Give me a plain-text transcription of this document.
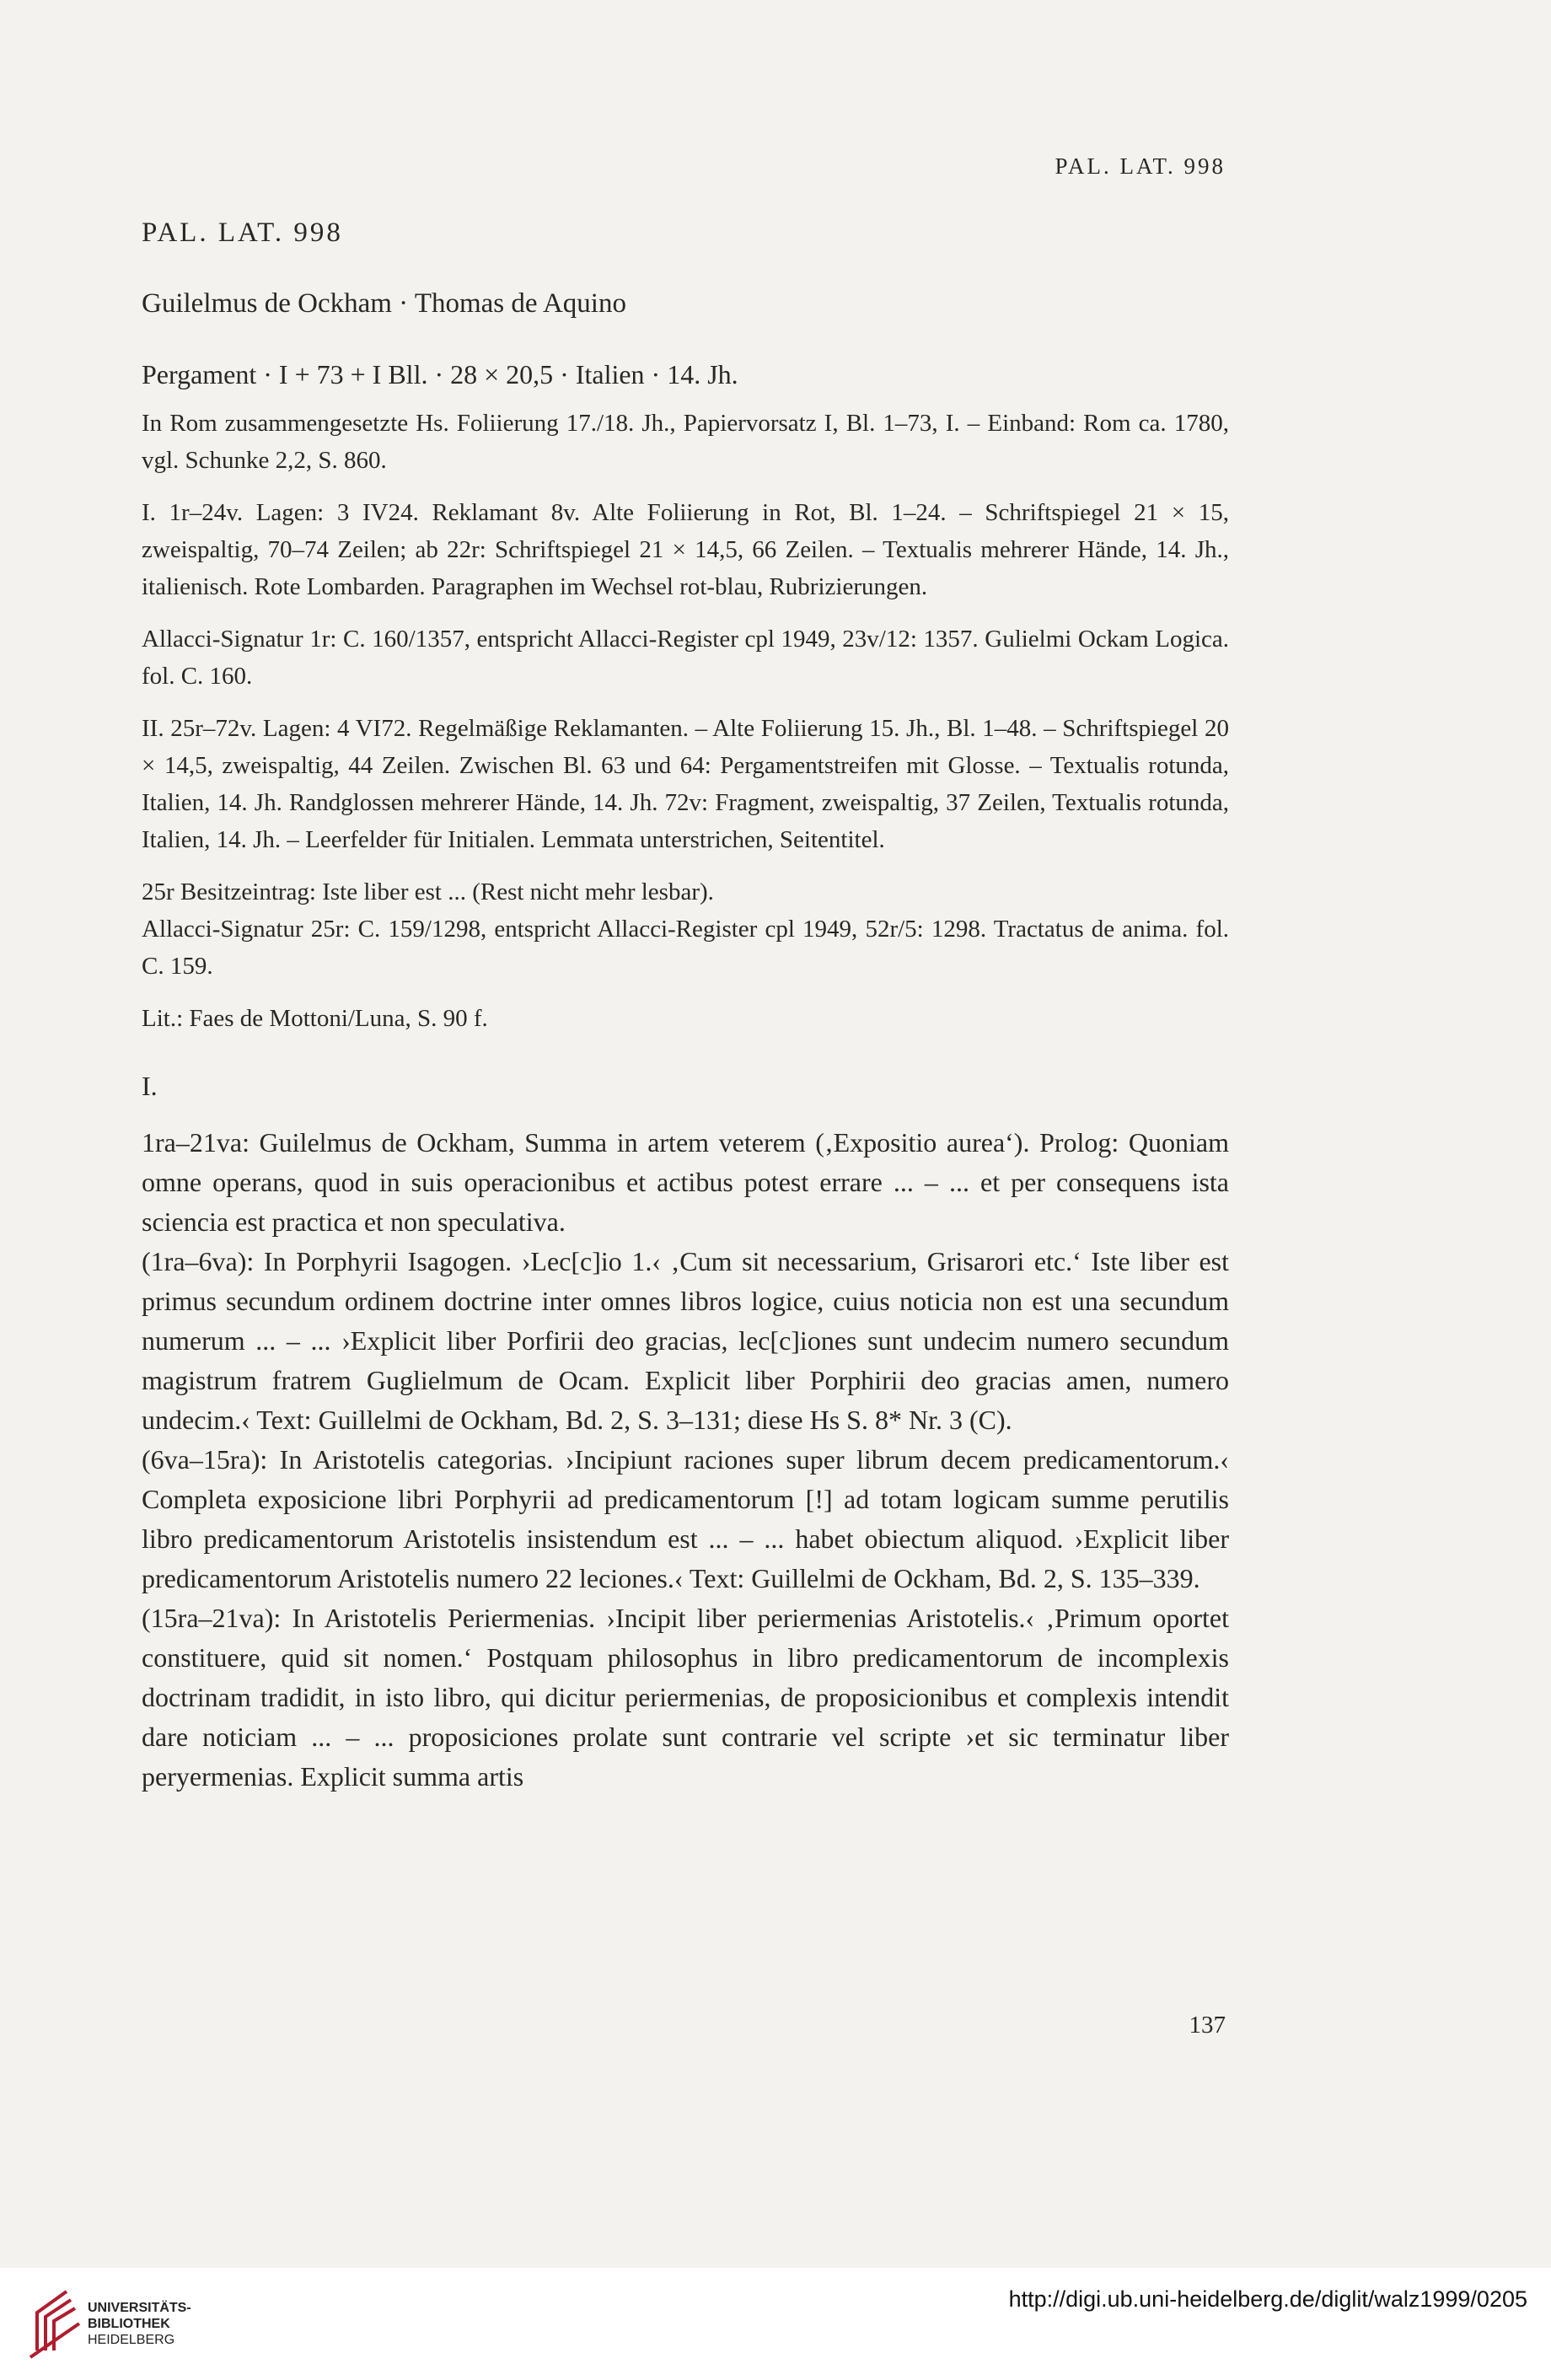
PAL. LAT. 998
PAL. LAT. 998
Guilelmus de Ockham · Thomas de Aquino
Pergament · I + 73 + I Bll. · 28 × 20,5 · Italien · 14. Jh.

In Rom zusammengesetzte Hs. Foliierung 17./18. Jh., Papiervorsatz I, Bl. 1–73, I. – Einband: Rom ca. 1780, vgl. Schunke 2,2, S. 860.

I. 1r–24v. Lagen: 3 IV24. Reklamant 8v. Alte Foliierung in Rot, Bl. 1–24. – Schriftspiegel 21 × 15, zweispaltig, 70–74 Zeilen; ab 22r: Schriftspiegel 21 × 14,5, 66 Zeilen. – Textualis mehrerer Hände, 14. Jh., italienisch. Rote Lombarden. Paragraphen im Wechsel rot-blau, Rubrizierungen.

Allacci-Signatur 1r: C. 160/1357, entspricht Allacci-Register cpl 1949, 23v/12: 1357. Gulielmi Ockam Logica. fol. C. 160.

II. 25r–72v. Lagen: 4 VI72. Regelmäßige Reklamanten. – Alte Foliierung 15. Jh., Bl. 1–48. – Schriftspiegel 20 × 14,5, zweispaltig, 44 Zeilen. Zwischen Bl. 63 und 64: Pergamentstreifen mit Glosse. – Textualis rotunda, Italien, 14. Jh. Randglossen mehrerer Hände, 14. Jh. 72v: Fragment, zweispaltig, 37 Zeilen, Textualis rotunda, Italien, 14. Jh. – Leerfelder für Initialen. Lemmata unterstrichen, Seitentitel.

25r Besitzeintrag: Iste liber est ... (Rest nicht mehr lesbar).

Allacci-Signatur 25r: C. 159/1298, entspricht Allacci-Register cpl 1949, 52r/5: 1298. Tractatus de anima. fol. C. 159.

Lit.: Faes de Mottoni/Luna, S. 90 f.

I.

1ra–21va: Guilelmus de Ockham, Summa in artem veterem (‚Expositio aurea‘). Prolog: Quoniam omne operans, quod in suis operacionibus et actibus potest errare ... – ... et per consequens ista sciencia est practica et non speculativa.

(1ra–6va): In Porphyrii Isagogen. ›Lec[c]io 1.‹ ‚Cum sit necessarium, Grisarori etc.‘ Iste liber est primus secundum ordinem doctrine inter omnes libros logice, cuius noticia non est una secundum numerum ... – ... ›Explicit liber Porfirii deo gracias, lec[c]iones sunt undecim numero secundum magistrum fratrem Guglielmum de Ocam. Explicit liber Porphirii deo gracias amen, numero undecim.‹ Text: Guillelmi de Ockham, Bd. 2, S. 3–131; diese Hs S. 8* Nr. 3 (C).

(6va–15ra): In Aristotelis categorias. ›Incipiunt raciones super librum decem predicamentorum.‹ Completa exposicione libri Porphyrii ad predicamentorum [!] ad totam logicam summe perutilis libro predicamentorum Aristotelis insistendum est ... – ... habet obiectum aliquod. ›Explicit liber predicamentorum Aristotelis numero 22 leciones.‹ Text: Guillelmi de Ockham, Bd. 2, S. 135–339.

(15ra–21va): In Aristotelis Periermenias. ›Incipit liber periermenias Aristotelis.‹ ‚Primum oportet constituere, quid sit nomen.‘ Postquam philosophus in libro predicamentorum de incomplexis doctrinam tradidit, in isto libro, qui dicitur periermenias, de proposicionibus et complexis intendit dare noticiam ... – ... proposiciones prolate sunt contrarie vel scripte ›et sic terminatur liber peryermenias. Explicit summa artis

137
UNIVERSITÄTS-
BIBLIOTHEK
HEIDELBERG
http://digi.ub.uni-heidelberg.de/diglit/walz1999/0205
